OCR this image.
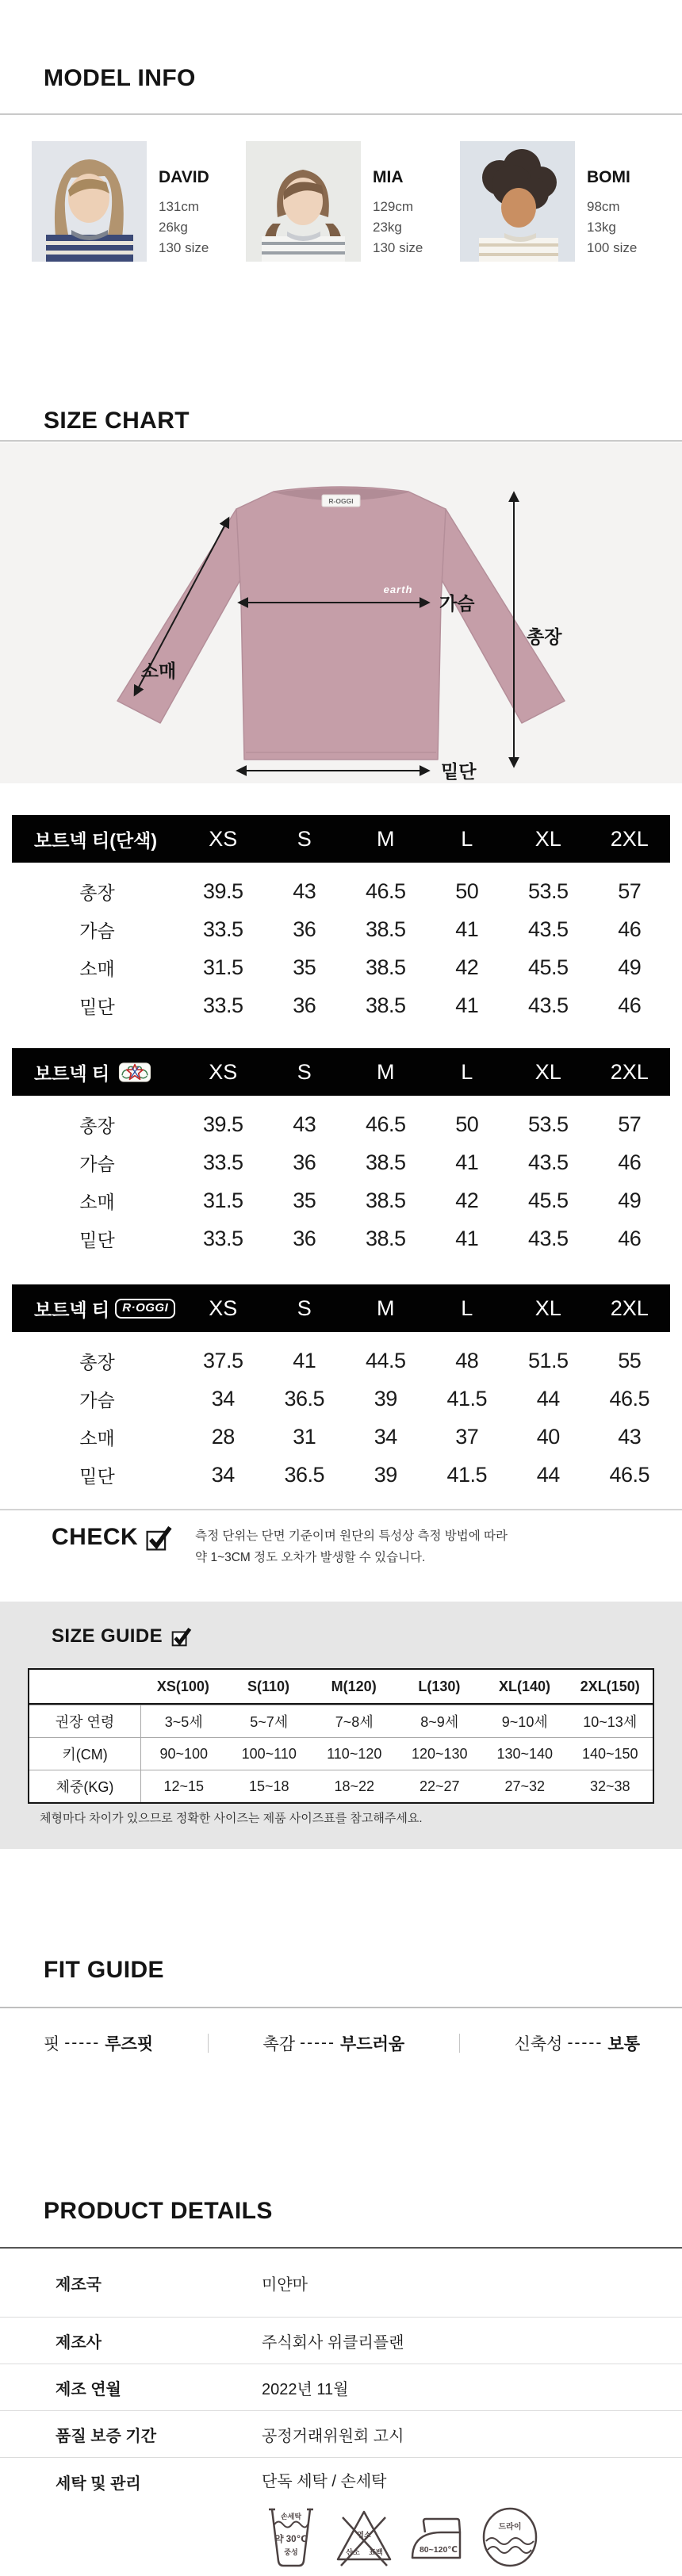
MODEL INFO
DAVID
131cm
26kg
130 size
MIA
129cm
23kg
130 size
BOMI
98cm
13kg
100 size
SIZE CHART
R-OGGI
earth
소매
가슴
총장
밑단
보트넥 티(단색)	XS	S	M	L	XL	2XL
총장	39.5	43	46.5	50	53.5	57
가슴	33.5	36	38.5	41	43.5	46
소매	31.5	35	38.5	42	45.5	49
밑단	33.5	36	38.5	41	43.5	46
보트넥 티	XS	S	M	L	XL	2XL
총장	39.5	43	46.5	50	53.5	57
가슴	33.5	36	38.5	41	43.5	46
소매	31.5	35	38.5	42	45.5	49
밑단	33.5	36	38.5	41	43.5	46
보트넥 티	R·OGGI	XS	S	M	L	XL	2XL
총장	37.5	41	44.5	48	51.5	55
가슴	34	36.5	39	41.5	44	46.5
소매	28	31	34	37	40	43
밑단	34	36.5	39	41.5	44	46.5
CHECK	측정 단위는 단면 기준이며 원단의 특성상 측정 방법에 따라
약 1~3CM 정도 오차가 발생할 수 있습니다.
SIZE GUIDE
XS(100)	S(110)	M(120)	L(130)	XL(140)	2XL(150)
권장 연령	3~5세	5~7세	7~8세	8~9세	9~10세	10~13세
키(CM)	90~100	100~110	110~120	120~130	130~140	140~150
체중(KG)	12~15	15~18	18~22	22~27	27~32	32~38
체형마다 차이가 있으므로 정확한 사이즈는 제품 사이즈표를 참고해주세요.
FIT GUIDE
핏 ----- 루즈핏	촉감 ----- 부드러움	신축성 ----- 보통
PRODUCT DETAILS
제조국	미얀마
제조사	주식회사 위클리플랜
제조 연월	2022년 11월
품질 보증 기간	공정거래위원회 고시
세탁 및 관리	단독 세탁 / 손세탁
손세탁
약 30℃
중성
염소
산소 표백	80~120℃
드라이
